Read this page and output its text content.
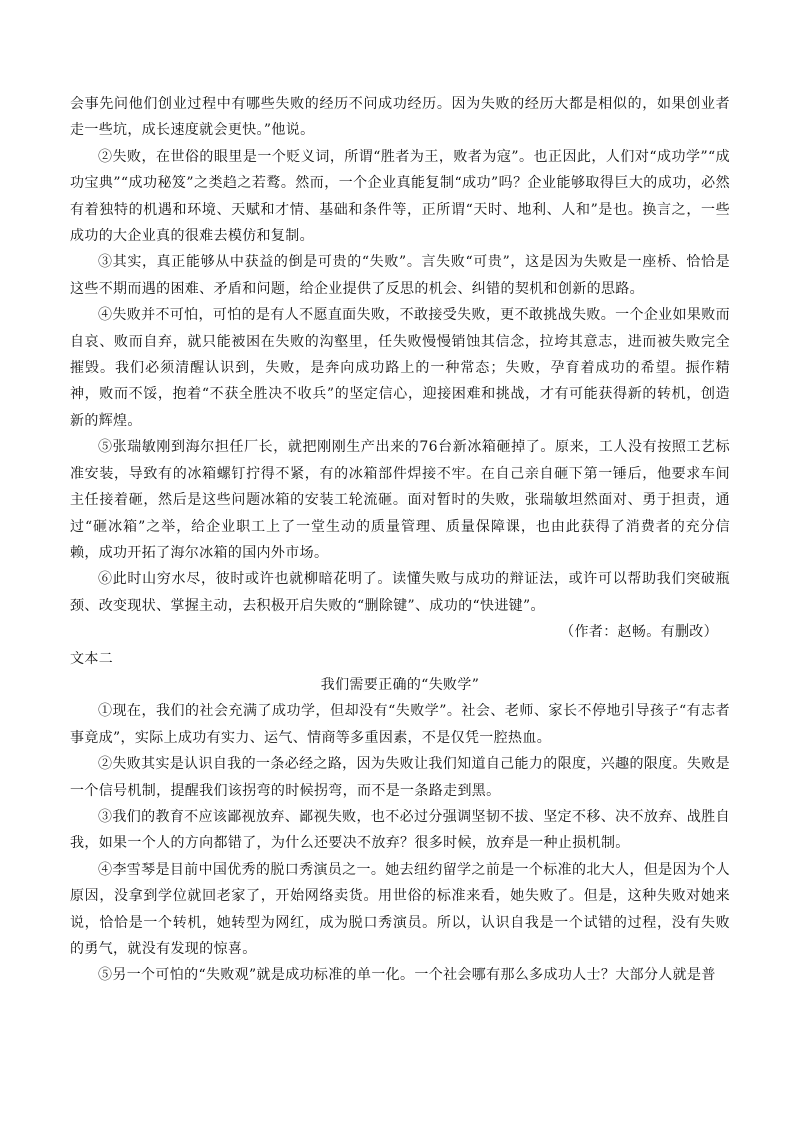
会事先问他们创业过程中有哪些失败的经历不问成功经历。因为失败的经历大都是相似的，如果创业者走一些坑，成长速度就会更快。”他说。

②失败，在世俗的眼里是一个贬义词，所谓“胜者为王，败者为寇”。也正因此，人们对“成功学”“成功宝典”“成功秘笈”之类趋之若鹜。然而，一个企业真能复制“成功”吗？企业能够取得巨大的成功，必然有着独特的机遇和环境、天赋和才情、基础和条件等，正所谓“天时、地利、人和”是也。换言之，一些成功的大企业真的很难去模仿和复制。

③其实，真正能够从中获益的倒是可贵的“失败”。言失败“可贵”，这是因为失败是一座桥、恰恰是这些不期而遇的困难、矛盾和问题，给企业提供了反思的机会、纠错的契机和创新的思路。

④失败并不可怕，可怕的是有人不愿直面失败，不敢接受失败，更不敢挑战失败。一个企业如果败而自哀、败而自弃，就只能被困在失败的沟壑里，任失败慢慢销蚀其信念，拉垮其意志，进而被失败完全摧毁。我们必须清醒认识到，失败，是奔向成功路上的一种常态；失败，孕育着成功的希望。振作精神，败而不馁，抱着“不获全胜决不收兵”的坚定信心，迎接困难和挑战，才有可能获得新的转机，创造新的辉煌。

⑤张瑞敏刚到海尔担任厂长，就把刚刚生产出来的76台新冰箱砸掉了。原来，工人没有按照工艺标准安装，导致有的冰箱螺钉拧得不紧，有的冰箱部件焊接不牢。在自己亲自砸下第一锤后，他要求车间主任接着砸，然后是这些问题冰箱的安装工轮流砸。面对暂时的失败，张瑞敏坦然面对、勇于担责，通过“砸冰箱”之举，给企业职工上了一堂生动的质量管理、质量保障课，也由此获得了消费者的充分信赖，成功开拓了海尔冰箱的国内外市场。

⑥此时山穷水尽，彼时或许也就柳暗花明了。读懂失败与成功的辩证法，或许可以帮助我们突破瓶颈、改变现状、掌握主动，去积极开启失败的“删除键”、成功的“快进键”。

（作者：赵畅。有删改）

文本二

我们需要正确的“失败学”

①现在，我们的社会充满了成功学，但却没有“失败学”。社会、老师、家长不停地引导孩子“有志者事竟成”，实际上成功有实力、运气、情商等多重因素，不是仅凭一腔热血。

②失败其实是认识自我的一条必经之路，因为失败让我们知道自己能力的限度，兴趣的限度。失败是一个信号机制，提醒我们该拐弯的时候拐弯，而不是一条路走到黑。

③我们的教育不应该鄙视放弃、鄙视失败，也不必过分强调坚韧不拔、坚定不移、决不放弃、战胜自我，如果一个人的方向都错了，为什么还要决不放弃？很多时候，放弃是一种止损机制。

④李雪琴是目前中国优秀的脱口秀演员之一。她去纽约留学之前是一个标准的北大人，但是因为个人原因，没拿到学位就回老家了，开始网络卖货。用世俗的标准来看，她失败了。但是，这种失败对她来说，恰恰是一个转机，她转型为网红，成为脱口秀演员。所以，认识自我是一个试错的过程，没有失败的勇气，就没有发现的惊喜。

⑤另一个可怕的“失败观”就是成功标准的单一化。一个社会哪有那么多成功人士？大部分人就是普
